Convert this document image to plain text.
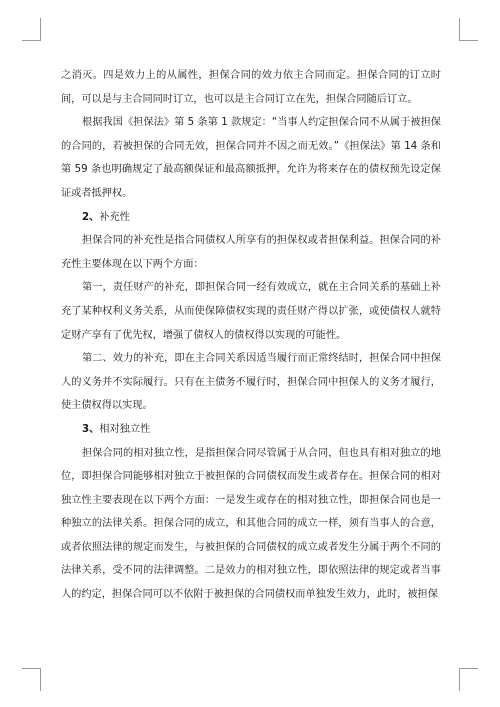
之消灭。四是效力上的从属性，担保合同的效力依主合同而定。担保合同的订立时间，可以是与主合同同时订立，也可以是主合同订立在先，担保合同随后订立。

根据我国《担保法》第 5 条第 1 款规定：“当事人约定担保合同不从属于被担保的合同的，若被担保的合同无效，担保合同并不因之而无效。”《担保法》第 14 条和第 59 条也明确规定了最高额保证和最高额抵押，允许为将来存在的债权预先设定保证或者抵押权。

2、补充性

担保合同的补充性是指合同债权人所享有的担保权或者担保利益。担保合同的补充性主要体现在以下两个方面：

第一，责任财产的补充，即担保合同一经有效成立，就在主合同关系的基础上补充了某种权利义务关系，从而使保障债权实现的责任财产得以扩张，或使债权人就特定财产享有了优先权，增强了债权人的债权得以实现的可能性。

第二、效力的补充，即在主合同关系因适当履行而正常终结时，担保合同中担保人的义务并不实际履行。只有在主债务不履行时，担保合同中担保人的义务才履行，使主债权得以实现。

3、相对独立性

担保合同的相对独立性，是指担保合同尽管属于从合同，但也具有相对独立的地位，即担保合同能够相对独立于被担保的合同债权而发生或者存在。担保合同的相对独立性主要表现在以下两个方面：一是发生或存在的相对独立性，即担保合同也是一种独立的法律关系。担保合同的成立，和其他合同的成立一样，须有当事人的合意，或者依照法律的规定而发生，与被担保的合同债权的成立或者发生分属于两个不同的法律关系，受不同的法律调整。二是效力的相对独立性，即依照法律的规定或者当事人的约定，担保合同可以不依附于被担保的合同债权而单独发生效力，此时，被担保
